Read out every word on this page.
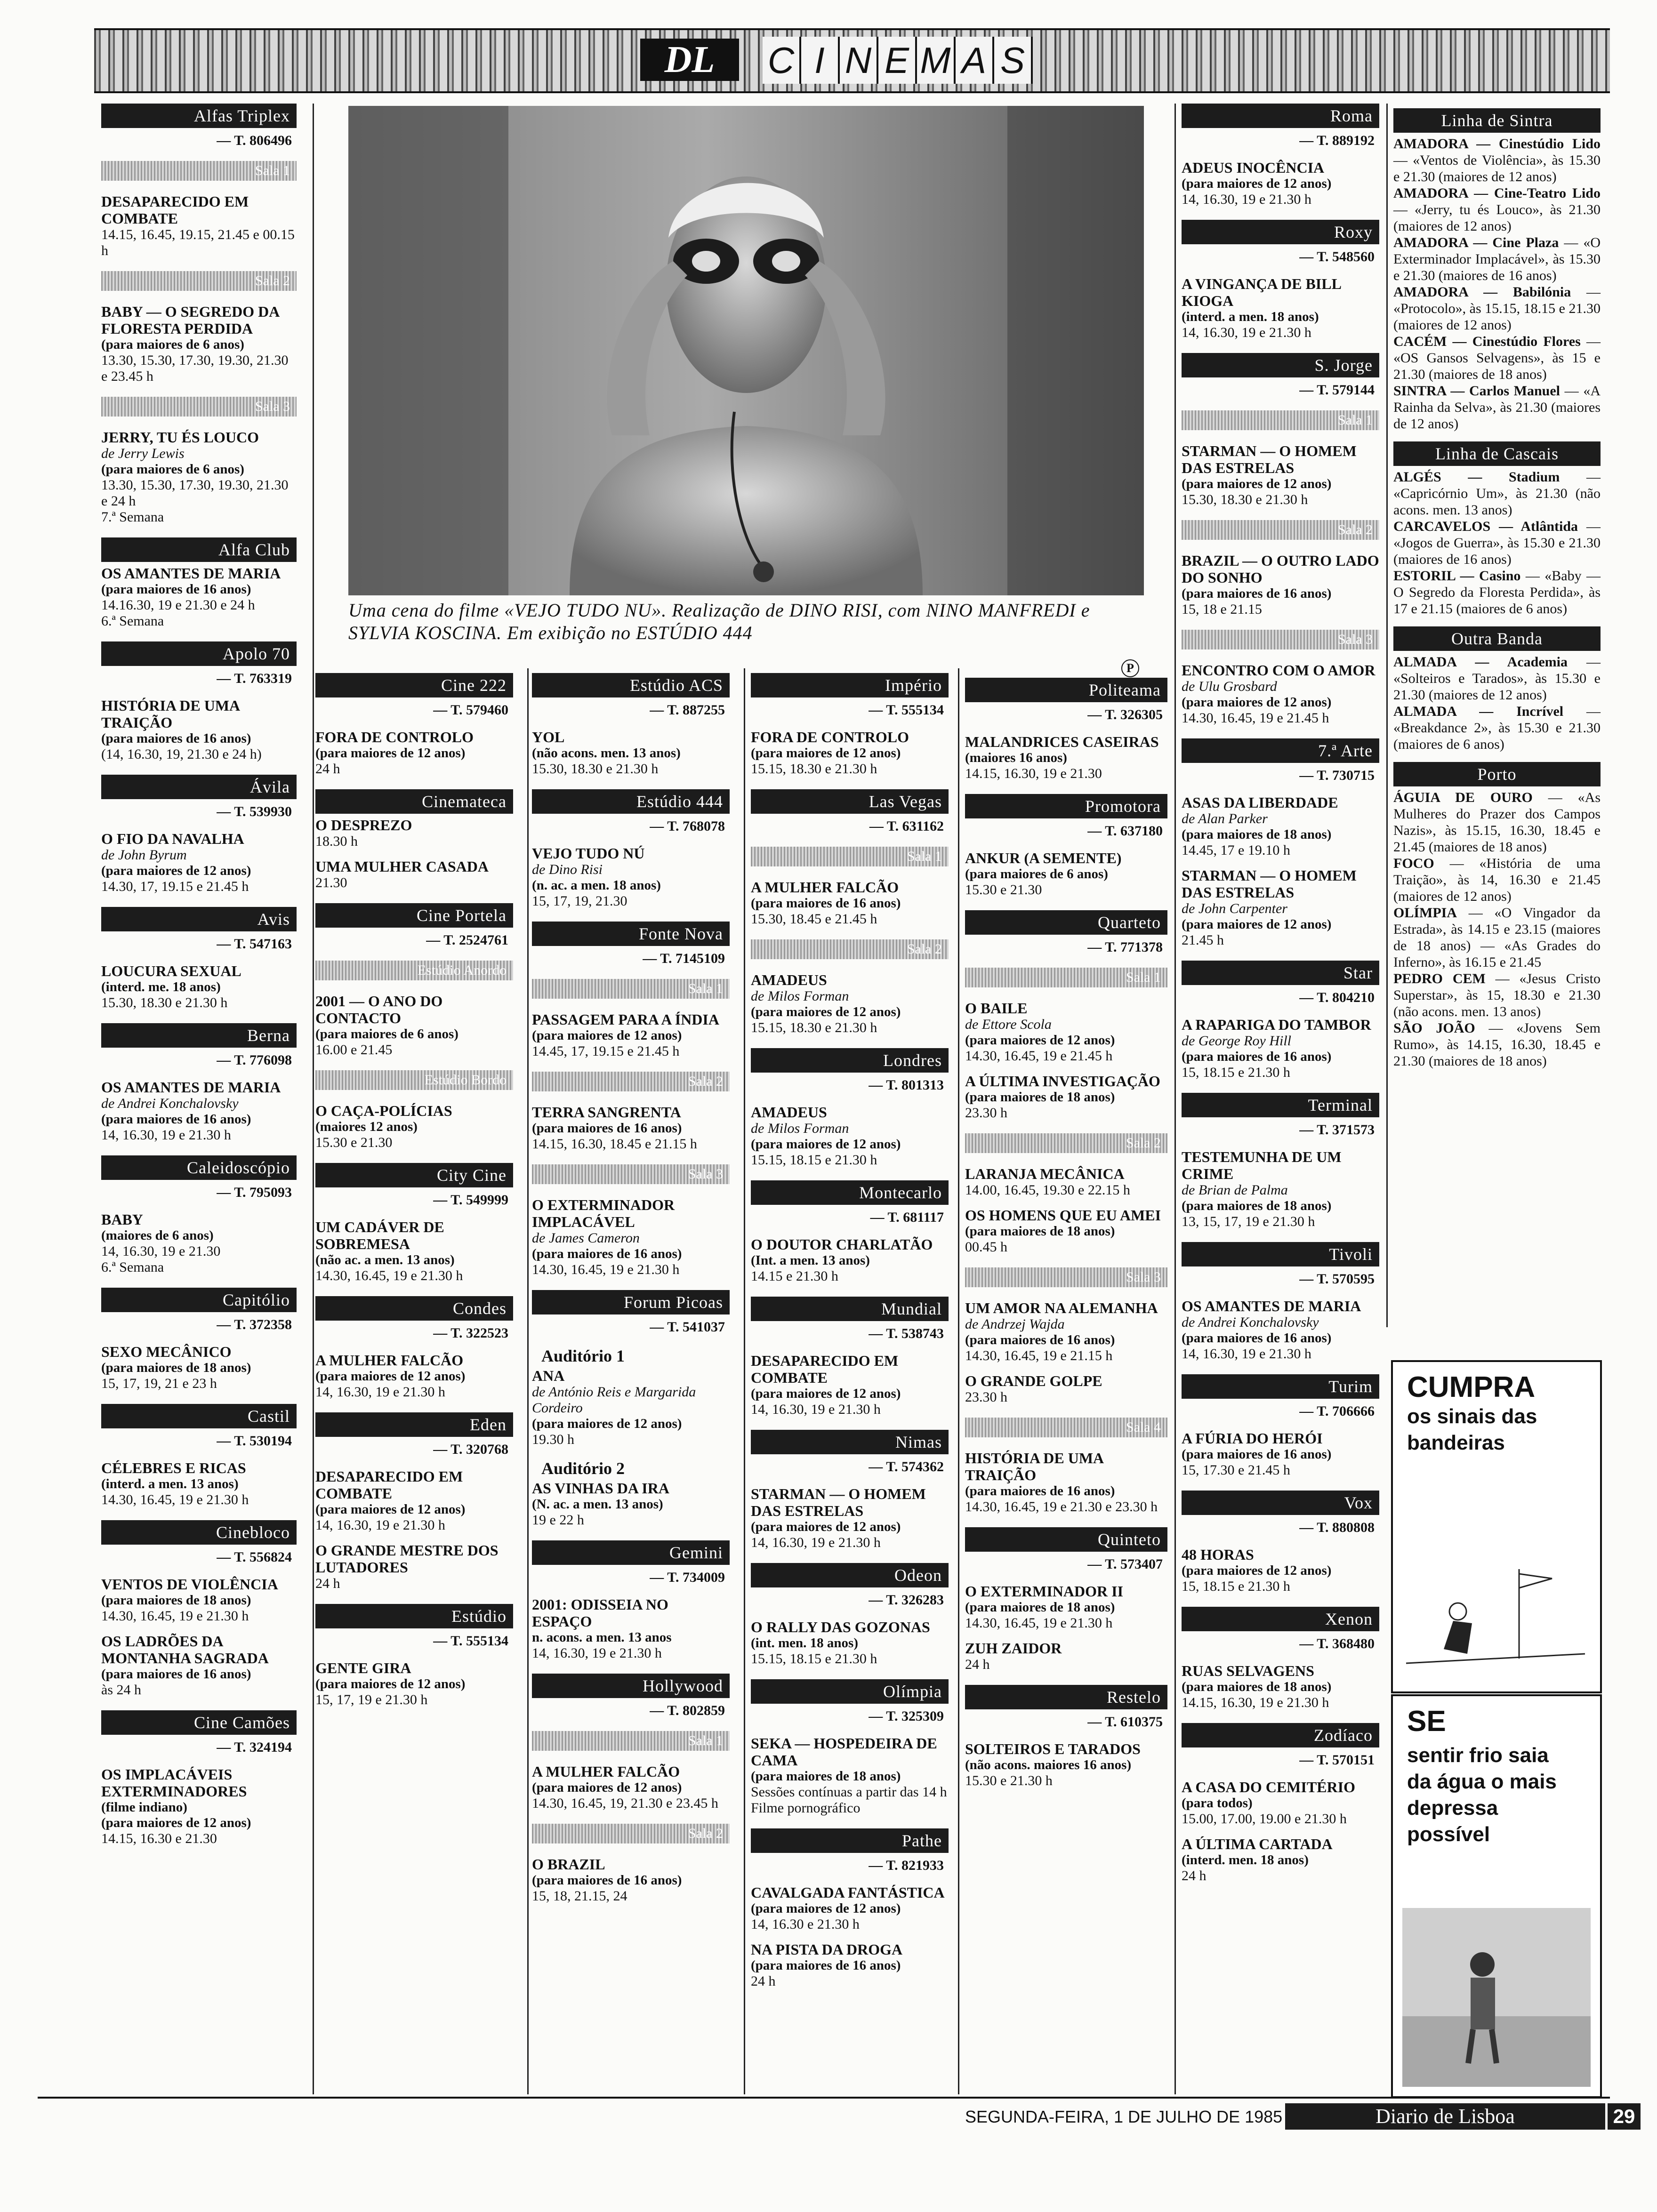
DL	C I N E M A S
Uma cena do filme «VEJO TUDO NU». Realização de DINO RISI, com NINO MANFREDI e SYLVIA KOSCINA. Em exibição no ESTÚDIO 444
P
Alfas Triplex
— T. 806496
Sala 1
DESAPARECIDO EM COMBATE
14.15, 16.45, 19.15, 21.45 e 00.15 h
Sala 2
BABY — O SEGREDO DA FLORESTA PERDIDA
(para maiores de 6 anos)
13.30, 15.30, 17.30, 19.30, 21.30 e 23.45 h
Sala 3
JERRY, TU ÉS LOUCO
de Jerry Lewis
(para maiores de 6 anos)
13.30, 15.30, 17.30, 19.30, 21.30 e 24 h
7.ª Semana
Alfa Club
OS AMANTES DE MARIA
(para maiores de 16 anos)
14.16.30, 19 e 21.30 e 24 h
6.ª Semana
Apolo 70
— T. 763319
HISTÓRIA DE UMA TRAIÇÃO
(para maiores de 16 anos)
(14, 16.30, 19, 21.30 e 24 h)
Ávila
— T. 539930
O FIO DA NAVALHA
de John Byrum
(para maiores de 12 anos)
14.30, 17, 19.15 e 21.45 h
Avis
— T. 547163
LOUCURA SEXUAL
(interd. me. 18 anos)
15.30, 18.30 e 21.30 h
Berna
— T. 776098
OS AMANTES DE MARIA
de Andrei Konchalovsky
(para maiores de 16 anos)
14, 16.30, 19 e 21.30 h
Caleidoscópio
— T. 795093
BABY
(maiores de 6 anos)
14, 16.30, 19 e 21.30
6.ª Semana
Capitólio
— T. 372358
SEXO MECÂNICO
(para maiores de 18 anos)
15, 17, 19, 21 e 23 h
Castil
— T. 530194
CÉLEBRES E RICAS
(interd. a men. 13 anos)
14.30, 16.45, 19 e 21.30 h
Cinebloco
— T. 556824
VENTOS DE VIOLÊNCIA
(para maiores de 18 anos)
14.30, 16.45, 19 e 21.30 h
OS LADRÕES DA MONTANHA SAGRADA
(para maiores de 16 anos)
às 24 h
Cine Camões
— T. 324194
OS IMPLACÁVEIS EXTERMINADORES
(filme indiano)
(para maiores de 12 anos)
14.15, 16.30 e 21.30
Cine 222
— T. 579460
FORA DE CONTROLO
(para maiores de 12 anos)
24 h
Cinemateca
O DESPREZO
18.30 h
UMA MULHER CASADA
21.30
Cine Portela
— T. 2524761
Estúdio Anordo
2001 — O ANO DO CONTACTO
(para maiores de 6 anos)
16.00 e 21.45
Estúdio Bordo
O CAÇA-POLÍCIAS
(maiores 12 anos)
15.30 e 21.30
City Cine
— T. 549999
UM CADÁVER DE SOBREMESA
(não ac. a men. 13 anos)
14.30, 16.45, 19 e 21.30 h
Condes
— T. 322523
A MULHER FALCÃO
(para maiores de 12 anos)
14, 16.30, 19 e 21.30 h
Eden
— T. 320768
DESAPARECIDO EM COMBATE
(para maiores de 12 anos)
14, 16.30, 19 e 21.30 h
O GRANDE MESTRE DOS LUTADORES
24 h
Estúdio
— T. 555134
GENTE GIRA
(para maiores de 12 anos)
15, 17, 19 e 21.30 h
Estúdio ACS
— T. 887255
YOL
(não acons. men. 13 anos)
15.30, 18.30 e 21.30 h
Estúdio 444
— T. 768078
VEJO TUDO NÚ
de Dino Risi
(n. ac. a men. 18 anos)
15, 17, 19, 21.30
Fonte Nova
— T. 7145109
Sala 1
PASSAGEM PARA A ÍNDIA
(para maiores de 12 anos)
14.45, 17, 19.15 e 21.45 h
Sala 2
TERRA SANGRENTA
(para maiores de 16 anos)
14.15, 16.30, 18.45 e 21.15 h
Sala 3
O EXTERMINADOR IMPLACÁVEL
de James Cameron
(para maiores de 16 anos)
14.30, 16.45, 19 e 21.30 h
Forum Picoas
— T. 541037
Auditório 1
ANA
de António Reis e Margarida Cordeiro
(para maiores de 12 anos)
19.30 h
Auditório 2
AS VINHAS DA IRA
(N. ac. a men. 13 anos)
19 e 22 h
Gemini
— T. 734009
2001: ODISSEIA NO ESPAÇO
n. acons. a men. 13 anos
14, 16.30, 19 e 21.30 h
Hollywood
— T. 802859
Sala 1
A MULHER FALCÃO
(para maiores de 12 anos)
14.30, 16.45, 19, 21.30 e 23.45 h
Sala 2
O BRAZIL
(para maiores de 16 anos)
15, 18, 21.15, 24
Império
— T. 555134
FORA DE CONTROLO
(para maiores de 12 anos)
15.15, 18.30 e 21.30 h
Las Vegas
— T. 631162
Sala 1
A MULHER FALCÃO
(para maiores de 16 anos)
15.30, 18.45 e 21.45 h
Sala 2
AMADEUS
de Milos Forman
(para maiores de 12 anos)
15.15, 18.30 e 21.30 h
Londres
— T. 801313
AMADEUS
de Milos Forman
(para maiores de 12 anos)
15.15, 18.15 e 21.30 h
Montecarlo
— T. 681117
O DOUTOR CHARLATÃO
(Int. a men. 13 anos)
14.15 e 21.30 h
Mundial
— T. 538743
DESAPARECIDO EM COMBATE
(para maiores de 12 anos)
14, 16.30, 19 e 21.30 h
Nimas
— T. 574362
STARMAN — O HOMEM DAS ESTRELAS
(para maiores de 12 anos)
14, 16.30, 19 e 21.30 h
Odeon
— T. 326283
O RALLY DAS GOZONAS
(int. men. 18 anos)
15.15, 18.15 e 21.30 h
Olímpia
— T. 325309
SEKA — HOSPEDEIRA DE CAMA
(para maiores de 18 anos)
Sessões contínuas a partir das 14 h
Filme pornográfico
Pathe
— T. 821933
CAVALGADA FANTÁSTICA
(para maiores de 12 anos)
14, 16.30 e 21.30 h
NA PISTA DA DROGA
(para maiores de 16 anos)
24 h
Politeama
— T. 326305
MALANDRICES CASEIRAS
(maiores 16 anos)
14.15, 16.30, 19 e 21.30
Promotora
— T. 637180
ANKUR (A SEMENTE)
(para maiores de 6 anos)
15.30 e 21.30
Quarteto
— T. 771378
Sala 1
O BAILE
de Ettore Scola
(para maiores de 12 anos)
14.30, 16.45, 19 e 21.45 h
A ÚLTIMA INVESTIGAÇÃO
(para maiores de 18 anos)
23.30 h
Sala 2
LARANJA MECÂNICA
14.00, 16.45, 19.30 e 22.15 h
OS HOMENS QUE EU AMEI
(para maiores de 18 anos)
00.45 h
Sala 3
UM AMOR NA ALEMANHA
de Andrzej Wajda
(para maiores de 16 anos)
14.30, 16.45, 19 e 21.15 h
O GRANDE GOLPE
23.30 h
Sala 4
HISTÓRIA DE UMA TRAIÇÃO
(para maiores de 16 anos)
14.30, 16.45, 19 e 21.30 e 23.30 h
Quinteto
— T. 573407
O EXTERMINADOR II
(para maiores de 18 anos)
14.30, 16.45, 19 e 21.30 h
ZUH ZAIDOR
24 h
Restelo
— T. 610375
SOLTEIROS E TARADOS
(não acons. maiores 16 anos)
15.30 e 21.30 h
Roma
— T. 889192
ADEUS INOCÊNCIA
(para maiores de 12 anos)
14, 16.30, 19 e 21.30 h
Roxy
— T. 548560
A VINGANÇA DE BILL KIOGA
(interd. a men. 18 anos)
14, 16.30, 19 e 21.30 h
S. Jorge
— T. 579144
Sala 1
STARMAN — O HOMEM DAS ESTRELAS
(para maiores de 12 anos)
15.30, 18.30 e 21.30 h
Sala 2
BRAZIL — O OUTRO LADO DO SONHO
(para maiores de 16 anos)
15, 18 e 21.15
Sala 3
ENCONTRO COM O AMOR
de Ulu Grosbard
(para maiores de 12 anos)
14.30, 16.45, 19 e 21.45 h
7.ª Arte
— T. 730715
ASAS DA LIBERDADE
de Alan Parker
(para maiores de 18 anos)
14.45, 17 e 19.10 h
STARMAN — O HOMEM DAS ESTRELAS
de John Carpenter
(para maiores de 12 anos)
21.45 h
Star
— T. 804210
A RAPARIGA DO TAMBOR
de George Roy Hill
(para maiores de 16 anos)
15, 18.15 e 21.30 h
Terminal
— T. 371573
TESTEMUNHA DE UM CRIME
de Brian de Palma
(para maiores de 18 anos)
13, 15, 17, 19 e 21.30 h
Tivoli
— T. 570595
OS AMANTES DE MARIA
de Andrei Konchalovsky
(para maiores de 16 anos)
14, 16.30, 19 e 21.30 h
Turim
— T. 706666
A FÚRIA DO HERÓI
(para maiores de 16 anos)
15, 17.30 e 21.45 h
Vox
— T. 880808
48 HORAS
(para maiores de 12 anos)
15, 18.15 e 21.30 h
Xenon
— T. 368480
RUAS SELVAGENS
(para maiores de 18 anos)
14.15, 16.30, 19 e 21.30 h
Zodíaco
— T. 570151
A CASA DO CEMITÉRIO
(para todos)
15.00, 17.00, 19.00 e 21.30 h
A ÚLTIMA CARTADA
(interd. men. 18 anos)
24 h
Linha de Sintra
AMADORA — Cinestúdio Lido — «Ventos de Violência», às 15.30 e 21.30 (maiores de 12 anos)
AMADORA — Cine-Teatro Lido — «Jerry, tu és Louco», às 21.30 (maiores de 12 anos)
AMADORA — Cine Plaza — «O Exterminador Implacável», às 15.30 e 21.30 (maiores de 16 anos)
AMADORA — Babilónia — «Protocolo», às 15.15, 18.15 e 21.30 (maiores de 12 anos)
CACÉM — Cinestúdio Flores — «OS Gansos Selvagens», às 15 e 21.30 (maiores de 18 anos)
SINTRA — Carlos Manuel — «A Rainha da Selva», às 21.30 (maiores de 12 anos)
Linha de Cascais
ALGÉS — Stadium — «Capricórnio Um», às 21.30 (não acons. men. 13 anos)
CARCAVELOS — Atlântida — «Jogos de Guerra», às 15.30 e 21.30 (maiores de 16 anos)
ESTORIL — Casino — «Baby — O Segredo da Floresta Perdida», às 17 e 21.15 (maiores de 6 anos)
Outra Banda
ALMADA — Academia — «Solteiros e Tarados», às 15.30 e 21.30 (maiores de 12 anos)
ALMADA — Incrível — «Breakdance 2», às 15.30 e 21.30 (maiores de 6 anos)
Porto
ÁGUIA DE OURO — «As Mulheres do Prazer dos Campos Nazis», às 15.15, 16.30, 18.45 e 21.45 (maiores de 18 anos)
FOCO — «História de uma Traição», às 14, 16.30 e 21.45 (maiores de 12 anos)
OLÍMPIA — «O Vingador da Estrada», às 14.15 e 23.15 (maiores de 18 anos) — «As Grades do Inferno», às 16.15 e 21.45
PEDRO CEM — «Jesus Cristo Superstar», às 15, 18.30 e 21.30 (não acons. men. 13 anos)
SÃO JOÃO — «Jovens Sem Rumo», às 14.15, 16.30, 18.45 e 21.30 (maiores de 18 anos)
CUMPRA
os sinais das bandeiras
SE
sentir frio saia da água o mais depressa possível
SEGUNDA-FEIRA, 1 DE JULHO DE 1985	Diario de Lisboa	29
